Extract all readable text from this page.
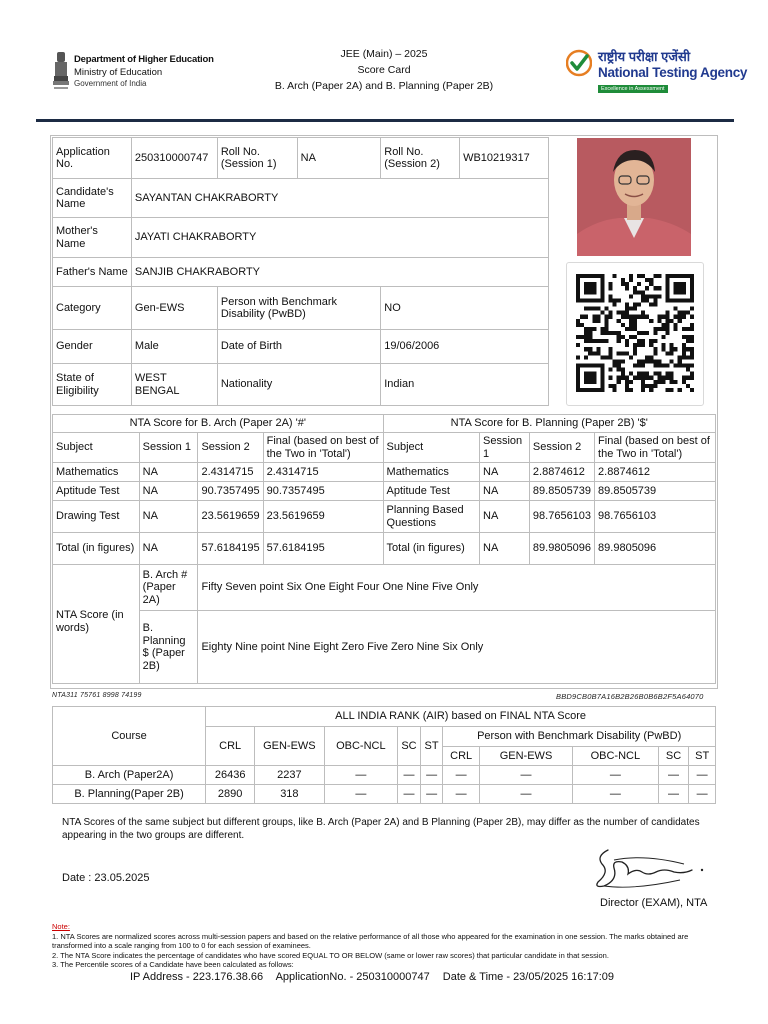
Department of Higher Education
Ministry of Education
Government of India
JEE (Main) – 2025
Score Card
B. Arch (Paper 2A) and B. Planning (Paper 2B)
राष्ट्रीय परीक्षा एजेंसी
National Testing Agency
Excellence in Assessment
Application No.	250310000747	Roll No. (Session 1)	NA	Roll No. (Session 2)	WB10219317
Candidate's Name	SAYANTAN CHAKRABORTY				
Mother's Name	JAYATI CHAKRABORTY				
Father's Name	SANJIB CHAKRABORTY				
Category	Gen-EWS	Person with Benchmark Disability (PwBD)		NO	
Gender	Male	Date of Birth		19/06/2006	
State of Eligibility	WEST BENGAL	Nationality		Indian	
NTA Score for B. Arch (Paper 2A) '#'				NTA Score for B. Planning (Paper 2B) '$'			
Subject	Session 1	Session 2	Final (based on best of the Two in 'Total')	Subject	Session 1	Session 2	Final (based on best of the Two in 'Total')
Mathematics	NA	2.4314715	2.4314715	Mathematics	NA	2.8874612	2.8874612
Aptitude Test	NA	90.7357495	90.7357495	Aptitude Test	NA	89.8505739	89.8505739
Drawing Test	NA	23.5619659	23.5619659	Planning Based Questions	NA	98.7656103	98.7656103
Total (in figures)	NA	57.6184195	57.6184195	Total (in figures)	NA	89.9805096	89.9805096
NTA Score (in words)	B. Arch # (Paper 2A)	Fifty Seven point Six One Eight Four One Nine Five Only					
	B. Planning $ (Paper 2B)	Eighty Nine point Nine Eight Zero Five Zero Nine Six Only					
NTA311 75761 8998 74199	BBD9CB0B7A16B2B26B0B6B2F5A64070
Course	ALL INDIA RANK (AIR) based on FINAL NTA Score									
	CRL	GEN-EWS	OBC-NCL	SC	ST	Person with Benchmark Disability (PwBD)				
						CRL	GEN-EWS	OBC-NCL	SC	ST
B. Arch (Paper2A)	26436	2237	—	—	—	—	—	—	—	—
B. Planning(Paper 2B)	2890	318	—	—	—	—	—	—	—	—
NTA Scores of the same subject but different groups, like B. Arch (Paper 2A) and B Planning (Paper 2B), may differ as the number of candidates appearing in the two groups are different.
Date : 23.05.2025
Director (EXAM), NTA
Note:
1. NTA Scores are normalized scores across multi-session papers and based on the relative performance of all those who appeared for the examination in one session. The marks obtained are transformed into a scale ranging from 100 to 0 for each session of examinees.
2. The NTA Score indicates the percentage of candidates who have scored EQUAL TO OR BELOW (same or lower raw scores) that particular candidate in that session.
3. The Percentile scores of a Candidate have been calculated as follows:
IP Address - 223.176.38.66 ApplicationNo. - 250310000747 Date & Time - 23/05/2025 16:17:09
